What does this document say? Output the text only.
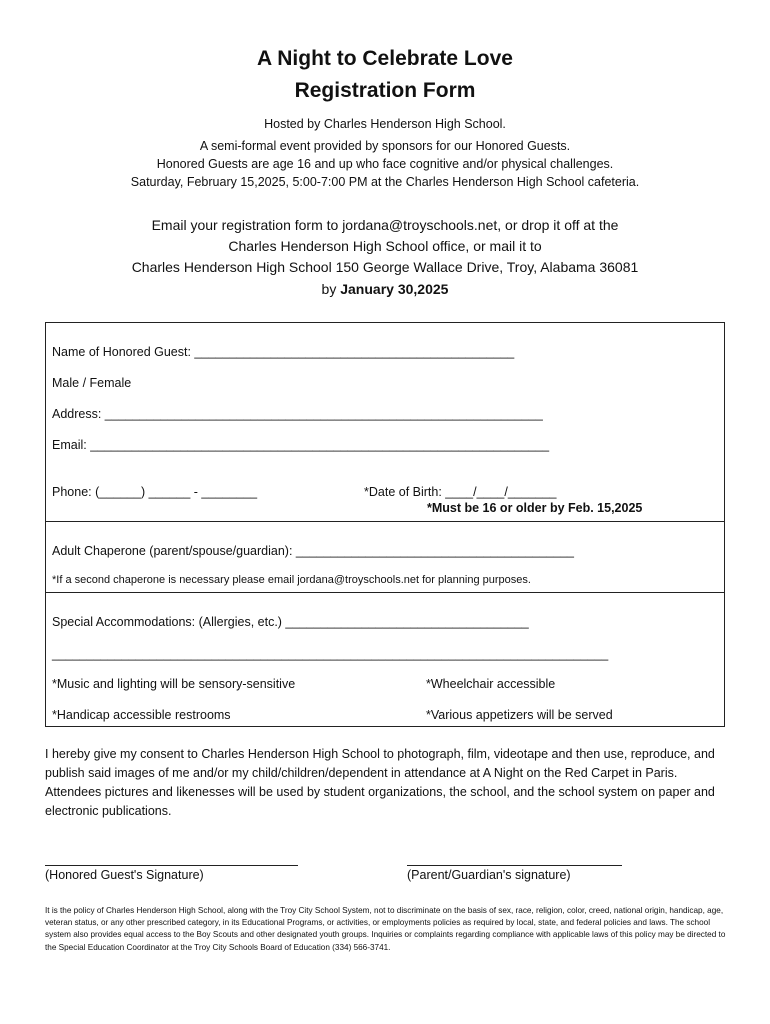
A Night to Celebrate Love
Registration Form
Hosted by Charles Henderson High School.
A semi-formal event provided by sponsors for our Honored Guests.
Honored Guests are age 16 and up who face cognitive and/or physical challenges.
Saturday, February 15,2025, 5:00-7:00 PM at the Charles Henderson High School cafeteria.
Email your registration form to jordana@troyschools.net, or drop it off at the
Charles Henderson High School office, or mail it to
Charles Henderson High School 150 George Wallace Drive, Troy, Alabama 36081
by January 30,2025
Name of Honored Guest: ______________________________________________
Male / Female
Address: _______________________________________________________________
Email: __________________________________________________________________
Phone: (______) ______ - ________	*Date of Birth: ____/____/_______
*Must be 16 or older by Feb. 15,2025
Adult Chaperone (parent/spouse/guardian): ________________________________________
*If a second chaperone is necessary please email jordana@troyschools.net for planning purposes.
Special Accommodations: (Allergies, etc.) ___________________________________
________________________________________________________________________________
*Music and lighting will be sensory-sensitive	*Wheelchair accessible
*Handicap accessible restrooms	*Various appetizers will be served
I hereby give my consent to Charles Henderson High School to photograph, film, videotape and then use, reproduce, and publish said images of me and/or my child/children/dependent in attendance at A Night on the Red Carpet in Paris. Attendees pictures and likenesses will be used by student organizations, the school, and the school system on paper and electronic publications.
(Honored Guest's Signature)	(Parent/Guardian's signature)
It is the policy of Charles Henderson High School, along with the Troy City School System, not to discriminate on the basis of sex, race, religion, color, creed, national origin, handicap, age, veteran status, or any other prescribed category, in its Educational Programs, or activities, or employments policies as required by local, state, and federal policies and laws. The school system also provides equal access to the Boy Scouts and other designated youth groups. Inquiries or complaints regarding compliance with applicable laws of this policy may be directed to the Special Education Coordinator at the Troy City Schools Board of Education (334) 566-3741.
